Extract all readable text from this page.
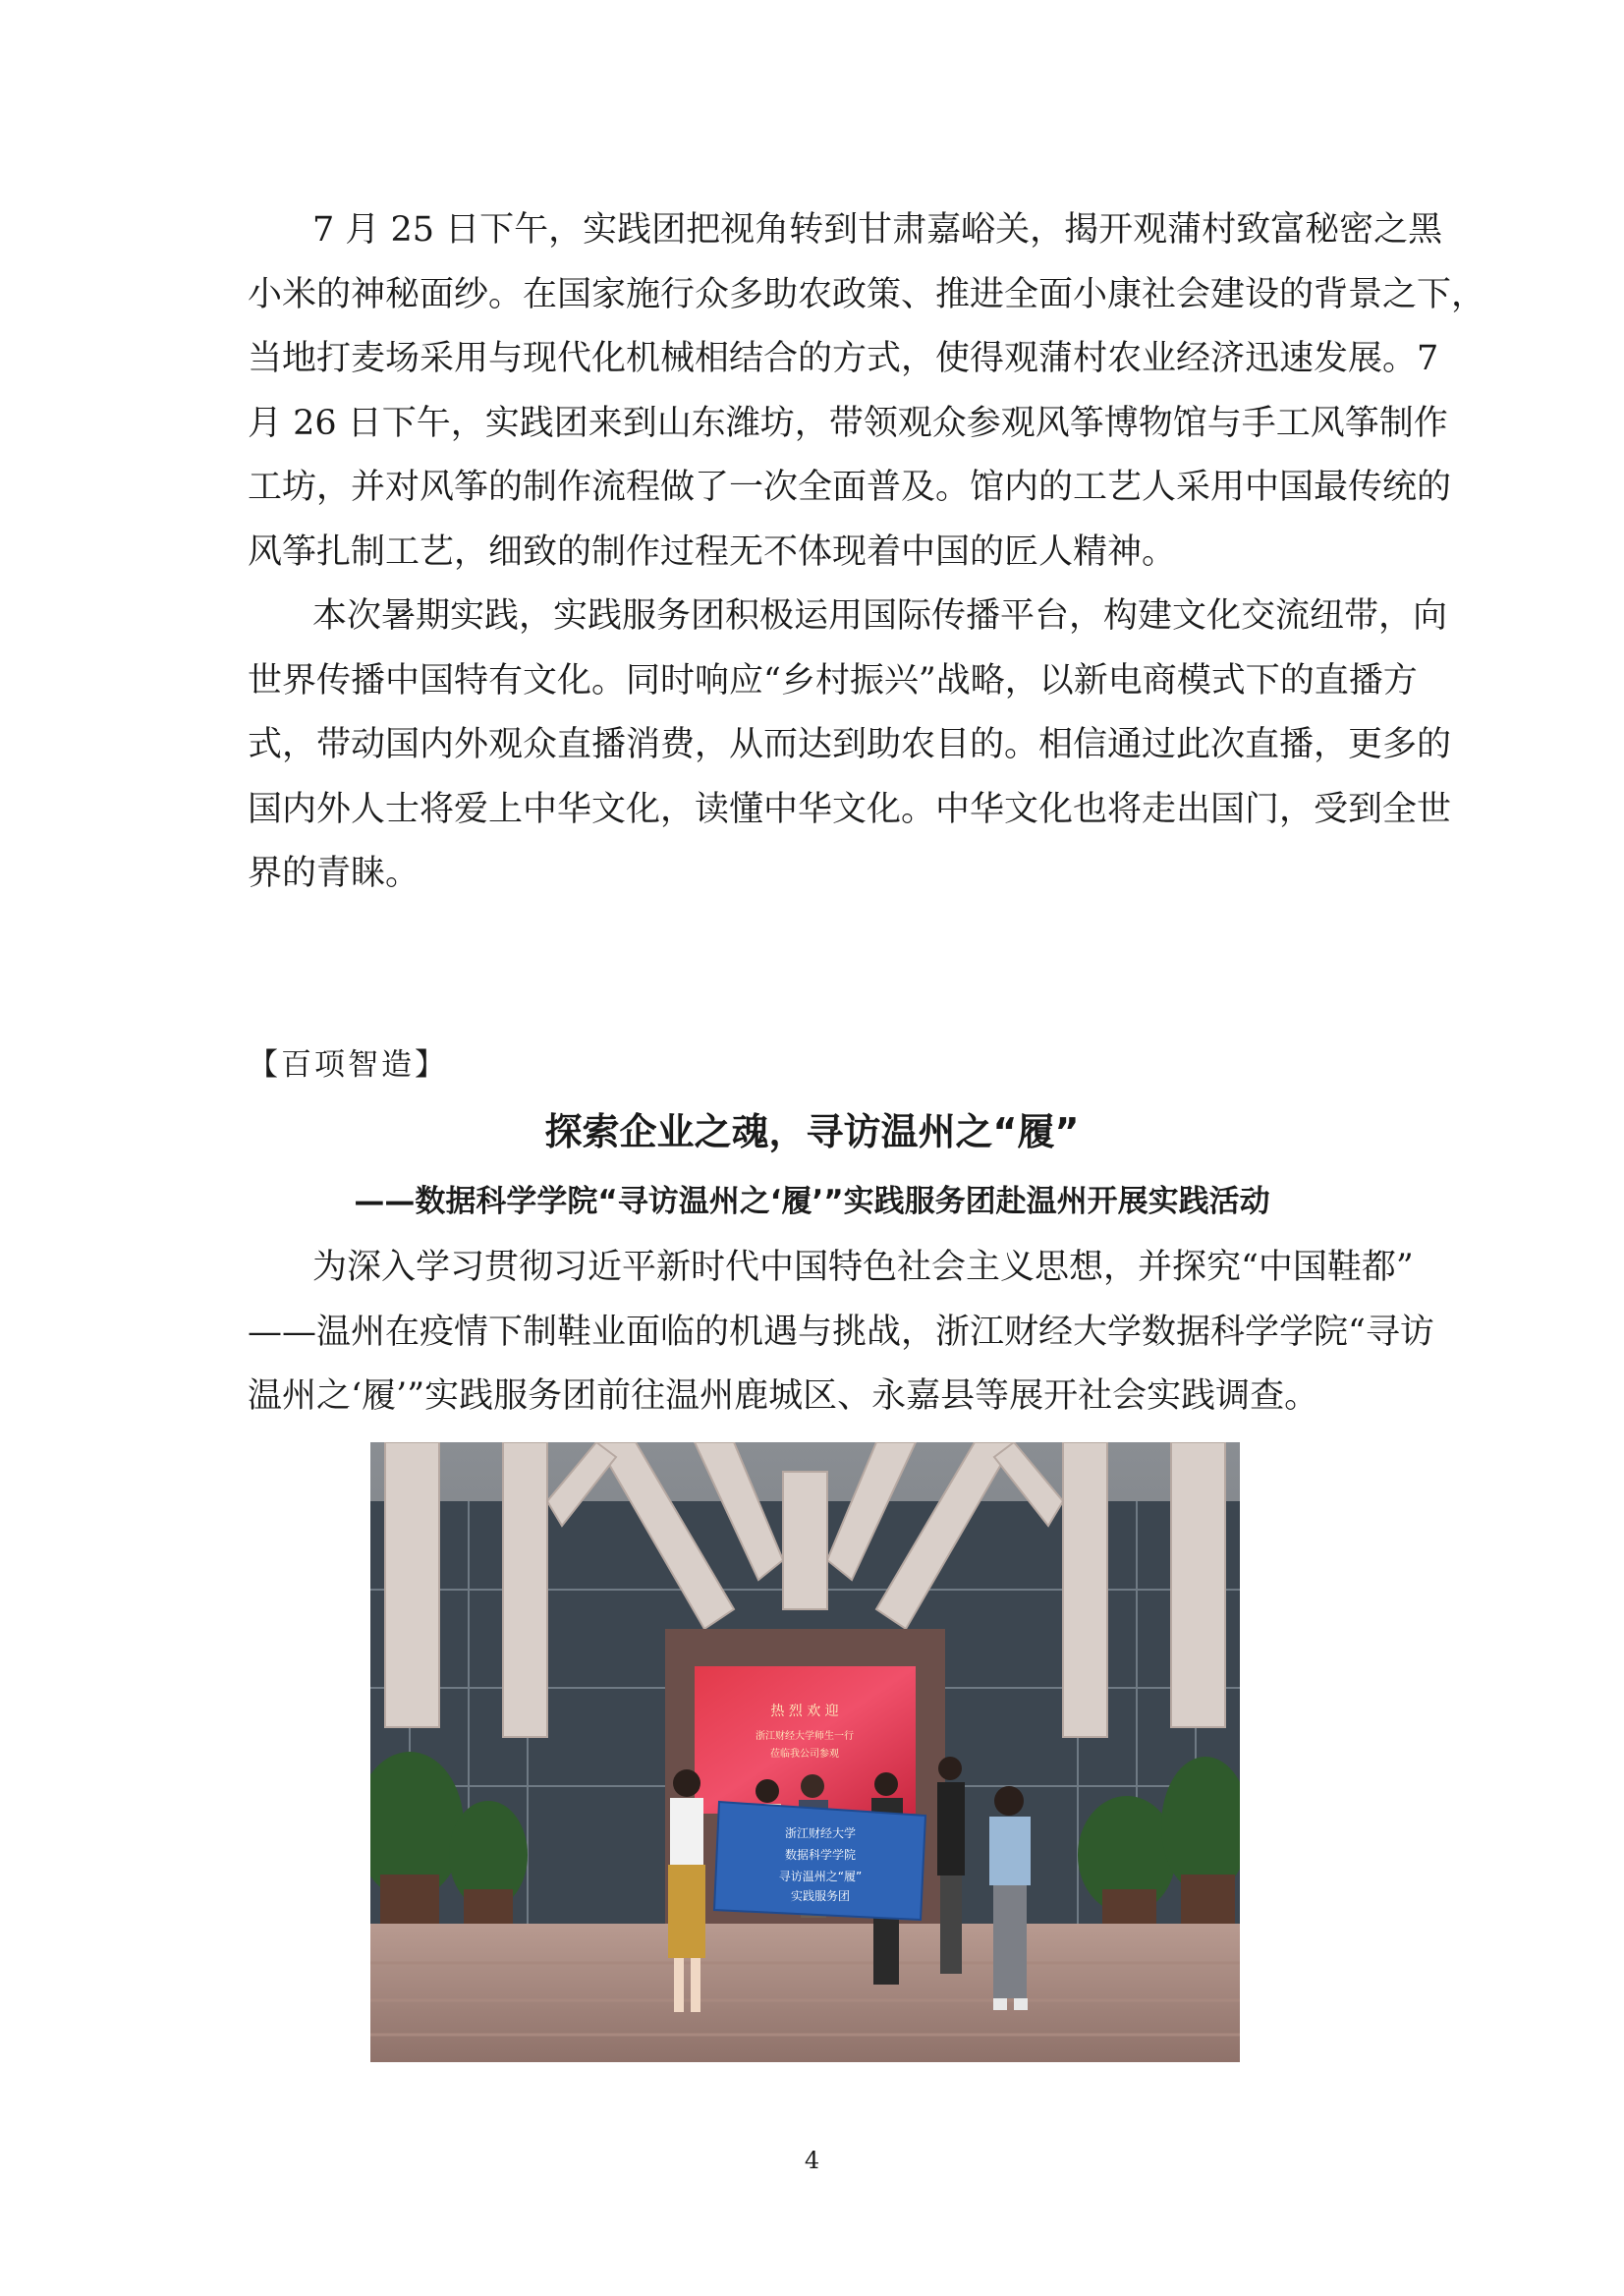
7 月 25 日下午，实践团把视角转到甘肃嘉峪关，揭开观蒲村致富秘密之黑
小米的神秘面纱。在国家施行众多助农政策、推进全面小康社会建设的背景之下，
当地打麦场采用与现代化机械相结合的方式，使得观蒲村农业经济迅速发展。7
月 26 日下午，实践团来到山东潍坊，带领观众参观风筝博物馆与手工风筝制作
工坊，并对风筝的制作流程做了一次全面普及。馆内的工艺人采用中国最传统的
风筝扎制工艺，细致的制作过程无不体现着中国的匠人精神。
本次暑期实践，实践服务团积极运用国际传播平台，构建文化交流纽带，向
世界传播中国特有文化。同时响应“乡村振兴”战略，以新电商模式下的直播方
式，带动国内外观众直播消费，从而达到助农目的。相信通过此次直播，更多的
国内外人士将爱上中华文化，读懂中华文化。中华文化也将走出国门，受到全世
界的青睐。

【百项智造】

探索企业之魂，寻访温州之“履”
——数据科学学院“寻访温州之‘履’”实践服务团赴温州开展实践活动
为深入学习贯彻习近平新时代中国特色社会主义思想，并探究“中国鞋都”
——温州在疫情下制鞋业面临的机遇与挑战，浙江财经大学数据科学学院“寻访
温州之‘履’”实践服务团前往温州鹿城区、永嘉县等展开社会实践调查。
热 烈 欢 迎
浙江财经大学师生一行
莅临我公司参观
浙江财经大学
数据科学学院
寻访温州之“履”
实践服务团
4
